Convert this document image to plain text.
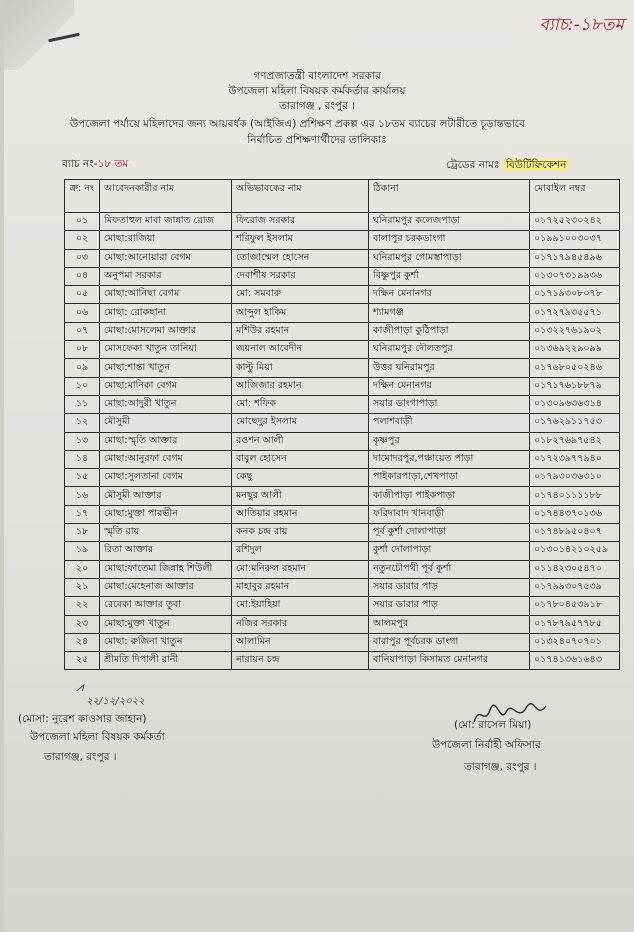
ব্যাচ:-১৮তম
গণপ্রজাতন্ত্রী বাংলাদেশ সরকার
উপজেলা মহিলা বিষয়ক কর্মকর্তার কার্যালয়
তারাগঞ্জ , রংপুর ।
উপজেলা পর্যায়ে মহিলাদের জন্য আয়বর্ধক (আইজিএ) প্রশিক্ষণ প্রকল্প এর ১৮তম ব্যাচের লটারীতে চূড়ান্তভাবে
নির্বাচিত প্রশিক্ষণার্থীদের তালিকাঃ
ব্যাচ নং-১৮ তম	ট্রেডের নামঃ বিউটিফিকেশন
ক্র: নং	আবেদনকারীর নাম	অভিভাবকের নাম	ঠিকানা	মোবাইল নম্বর
০১	মিফতাহুল মাবা জান্নাত রোজ	ফিরোজ সরকার	ঘনিরামপুর কলেজপাড়া	০১৭২৫২৩০২৪২
০২	মোছা:রাজিয়া	শরিফুল ইসলাম	বালাপুর চরকডাংগা	০১৯৯১০০৩০৩৭
০৩	মোছা:আনোয়ারা বেগম	তোজাম্মেল হোসেন	ঘনিরামপুর গোমস্তাপাড়া	০১৭১৭৯৪৫৪৯৬
০৪	অনুপমা সরকার	দেবাশীষ সরকার	বিষ্ণুপুর কুর্শা	০১৩০৭৩১৯৯৩৬
০৫	মোছা:আনিছা বেগম	মো: সমবারু	দক্ষিন মেনানগর	০১৭১৯৩০৮০৭৮
০৬	মোছা: রোকছানা	আব্দুল হাকিম	শ্যামগঞ্জ	০১৭২৭৯৩৫৫৭১
০৭	মোছা:মোসলেমা আক্তার	মশিউর রহমান	কাজীপাড়া কুঠিপাড়া	০১৩২২৭৬১৯০২
০৮	মোসফেকা খাতুন তানিয়া	জয়নাল আবেদীন	ঘনিরামপুর দৌলতপুর	০১৩৬৯২২৯০৯৯
০৯	মোছা:শান্তা খাতুন	কাল্টু মিয়া	উত্তর ঘনিরামপুর	০১৭৬৮০৫০২৪৬
১০	মোছা:মানিকা বেগম	আজিজার রহমান	দক্ষিন মেনানগর	০১৭১৭৬১৮৮৭৯
১১	মোছা:আদুরী খাতুন	মো: শফিক	সয়ার ডাংগাপাড়া	০১৩০৯৬৩৬৩১৪
১২	মৌসুমী	মোছেদুর ইসলাম	পলাশবাড়ী	০১৭৬২৯১১৭৫৩
১৩	মোছা:স্মৃতি আক্তার	রওশন আলী	কৃষ্ণপুর	০১৮২৭৬৯৭৫৪২
১৪	মোছা:আনুরফা বেগম	বাবুল হোসেন	দামোদরপুর,পঞ্চায়েত পাড়া	০১৭২৩৯৭৭৯৪০
১৫	মোছা:সুলতানা বেগম	কেছু	পাইকারপাড়া,শেখপাড়া	০১৭৯৩০৩৬৩১০
১৬	মৌসুমী আক্তার	মনছুর আলী	কাজীপাড়া পাইকপাড়া	০১৭৪০১১১১৮৮
১৭	মোছা:মুক্তা পারভীন	আতিয়ার রহমান	ফরিদাবাদ খানবাড়ী	০১৭৪৪৩৭০১৩৬
১৮	স্মৃতি রায়	কনক চন্দ্র রায়	পূর্ব কুর্শা দোলাপাড়া	০১৭৪৮৯৫০৪০৭
১৯	রিতা আক্তার	রশিদুল	কুর্শা দোলাপাড়া	০১৩০১৪২১০২৫৯
২০	মোছা:ফাতেমা জিন্নাহ শিউলী	মো:মনিরুল রহমান	নতুনচৌপথী পূর্ব কুর্শা	০১১৪২৩০৫৪৭০
২১	মোছা:মেহেনাজ আক্তার	মাহাবুর রহমান	সয়ার ডারার পাড়	০১৭৯৯৩০৭৫৩৯
২২	রেবেকা আক্তার তুবা	মো:ইয়াহিয়া	সয়ার ডারার পাড়	০১৭৮০৪৫৩৯১৮
২৩	মোছা:মুক্তা খাতুন	নজির সরকার	আলমপুর	০১৭৮৭৯৫৭৭৮৫
২৪	মোছা: রুজিনা খাতুন	আলামিন	বারাপুর পূর্বচরক ডাংগা	০১৩২৪০৭০৭০১
২৫	শ্রীমতি দিপালী রানী	নারায়ন চন্দ্র	বানিয়াপাড়া কিসামত মেনানগর	০১৭৪১৩৬১৬৪৩
⩘
২২/১২/২০২২
(মোসা: নুরেশ কাওসার জাহান)
উপজেলা মহিলা বিষয়ক কর্মকর্তা
তারাগঞ্জ, রংপুর ।
(মো: রাসেল মিয়া)
উপজেলা নির্বাহী অফিসার
তারাগঞ্জ, রংপুর ।
